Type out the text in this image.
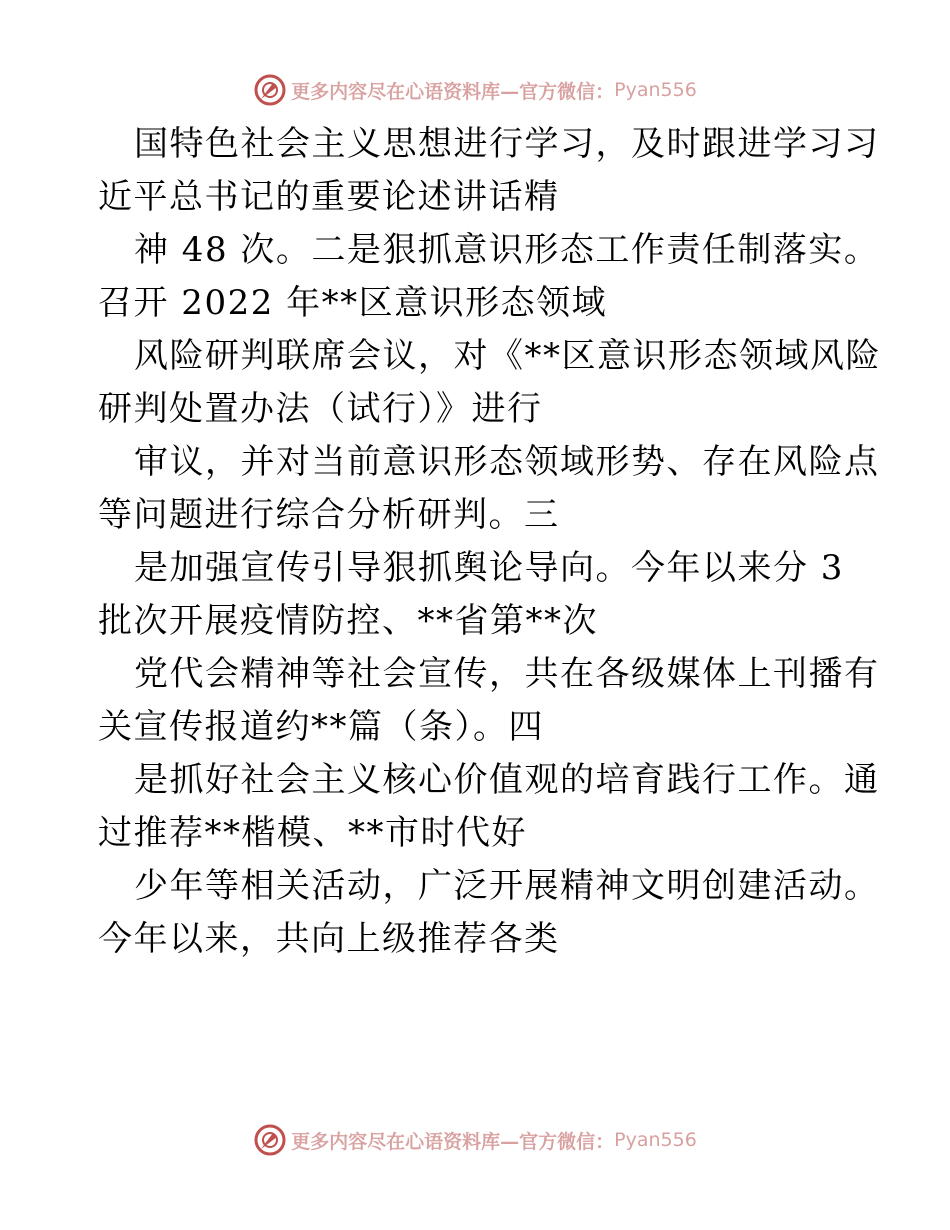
更多内容尽在心语资料库—官方微信： Pyan556
国特色社会主义思想进行学习，及时跟进学习习
近平总书记的重要论述讲话精
神 48 次。二是狠抓意识形态工作责任制落实。
召开 2022 年**区意识形态领域
风险研判联席会议，对《**区意识形态领域风险
研判处置办法（试行）》进行
审议，并对当前意识形态领域形势、存在风险点
等问题进行综合分析研判。三
是加强宣传引导狠抓舆论导向。今年以来分 3
批次开展疫情防控、**省第**次
党代会精神等社会宣传，共在各级媒体上刊播有
关宣传报道约**篇（条）。四
是抓好社会主义核心价值观的培育践行工作。通
过推荐**楷模、**市时代好
少年等相关活动，广泛开展精神文明创建活动。
今年以来，共向上级推荐各类
更多内容尽在心语资料库—官方微信： Pyan556
